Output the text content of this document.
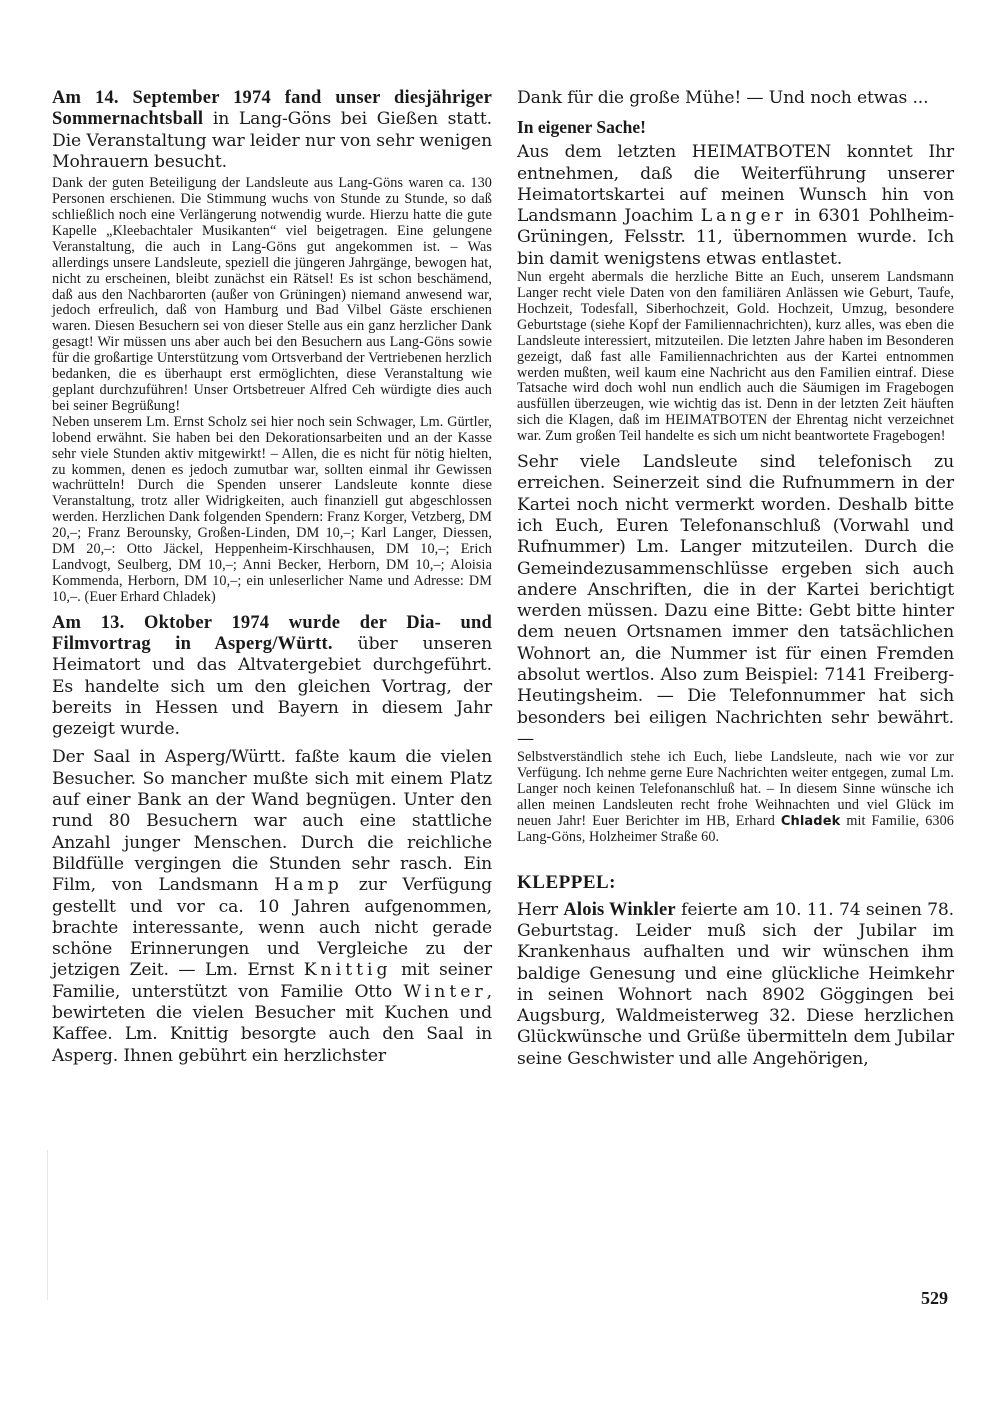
Am 14. September 1974 fand unser diesjähriger Sommernachtsball in Lang-Göns bei Gießen statt. Die Veranstaltung war leider nur von sehr wenigen Mohrauern besucht.

Dank der guten Beteiligung der Landsleute aus Lang-Göns waren ca. 130 Personen erschienen. Die Stimmung wuchs von Stunde zu Stunde, so daß schließlich noch eine Verlängerung notwendig wurde. Hierzu hatte die gute Kapelle „Kleebachtaler Musikanten“ viel beigetragen. Eine gelungene Veranstaltung, die auch in Lang-Göns gut angekommen ist. – Was allerdings unsere Landsleute, speziell die jüngeren Jahrgänge, bewogen hat, nicht zu erscheinen, bleibt zunächst ein Rätsel! Es ist schon beschämend, daß aus den Nachbarorten (außer von Grüningen) niemand anwesend war, jedoch erfreulich, daß von Hamburg und Bad Vilbel Gäste erschienen waren. Diesen Besuchern sei von dieser Stelle aus ein ganz herzlicher Dank gesagt! Wir müssen uns aber auch bei den Besuchern aus Lang-Göns sowie für die großartige Unterstützung vom Ortsverband der Vertriebenen herzlich bedanken, die es überhaupt erst ermöglichten, diese Veranstaltung wie geplant durchzuführen! Unser Ortsbetreuer Alfred Ceh würdigte dies auch bei seiner Begrüßung!

Neben unserem Lm. Ernst Scholz sei hier noch sein Schwager, Lm. Gürtler, lobend erwähnt. Sie haben bei den Dekorationsarbeiten und an der Kasse sehr viele Stunden aktiv mitgewirkt! – Allen, die es nicht für nötig hielten, zu kommen, denen es jedoch zumutbar war, sollten einmal ihr Gewissen wachrütteln! Durch die Spenden unserer Landsleute konnte diese Veranstaltung, trotz aller Widrigkeiten, auch finanziell gut abgeschlossen werden. Herzlichen Dank folgenden Spendern: Franz Korger, Vetzberg, DM 20,–; Franz Berounsky, Großen-Linden, DM 10,–; Karl Langer, Diessen, DM 20,–: Otto Jäckel, Heppenheim-Kirschhausen, DM 10,–; Erich Landvogt, Seulberg, DM 10,–; Anni Becker, Herborn, DM 10,–; Aloisia Kommenda, Herborn, DM 10,–; ein unleserlicher Name und Adresse: DM 10,–. (Euer Erhard Chladek)

Am 13. Oktober 1974 wurde der Dia- und Filmvortrag in Asperg/Württ. über unseren Heimatort und das Altvatergebiet durchgeführt. Es handelte sich um den gleichen Vortrag, der bereits in Hessen und Bayern in diesem Jahr gezeigt wurde.

Der Saal in Asperg/Württ. faßte kaum die vielen Besucher. So mancher mußte sich mit einem Platz auf einer Bank an der Wand begnügen. Unter den rund 80 Besuchern war auch eine stattliche Anzahl junger Menschen. Durch die reichliche Bildfülle vergingen die Stunden sehr rasch. Ein Film, von Landsmann Hamp zur Verfügung gestellt und vor ca. 10 Jahren aufgenommen, brachte interessante, wenn auch nicht gerade schöne Erinnerungen und Vergleiche zu der jetzigen Zeit. — Lm. Ernst Knittig mit seiner Familie, unterstützt von Familie Otto Winter, bewirteten die vielen Besucher mit Kuchen und Kaffee. Lm. Knittig besorgte auch den Saal in Asperg. Ihnen gebührt ein herzlichster

Dank für die große Mühe! — Und noch etwas ...

In eigener Sache!

Aus dem letzten HEIMATBOTEN konntet Ihr entnehmen, daß die Weiterführung unserer Heimatortskartei auf meinen Wunsch hin von Landsmann Joachim Langer in 6301 Pohlheim-Grüningen, Felsstr. 11, übernommen wurde. Ich bin damit wenigstens etwas entlastet.

Nun ergeht abermals die herzliche Bitte an Euch, unserem Landsmann Langer recht viele Daten von den familiären Anlässen wie Geburt, Taufe, Hochzeit, Todesfall, Siberhochzeit, Gold. Hochzeit, Umzug, besondere Geburtstage (siehe Kopf der Familiennachrichten), kurz alles, was eben die Landsleute interessiert, mitzuteilen. Die letzten Jahre haben im Besonderen gezeigt, daß fast alle Familiennachrichten aus der Kartei entnommen werden mußten, weil kaum eine Nachricht aus den Familien eintraf. Diese Tatsache wird doch wohl nun endlich auch die Säumigen im Fragebogen ausfüllen überzeugen, wie wichtig das ist. Denn in der letzten Zeit häuften sich die Klagen, daß im HEIMATBOTEN der Ehrentag nicht verzeichnet war. Zum großen Teil handelte es sich um nicht beantwortete Fragebogen!

Sehr viele Landsleute sind telefonisch zu erreichen. Seinerzeit sind die Rufnummern in der Kartei noch nicht vermerkt worden. Deshalb bitte ich Euch, Euren Telefonanschluß (Vorwahl und Rufnummer) Lm. Langer mitzuteilen. Durch die Gemeindezusammenschlüsse ergeben sich auch andere Anschriften, die in der Kartei berichtigt werden müssen. Dazu eine Bitte: Gebt bitte hinter dem neuen Ortsnamen immer den tatsächlichen Wohnort an, die Nummer ist für einen Fremden absolut wertlos. Also zum Beispiel: 7141 Freiberg-Heutingsheim. — Die Telefonnummer hat sich besonders bei eiligen Nachrichten sehr bewährt. —

Selbstverständlich stehe ich Euch, liebe Landsleute, nach wie vor zur Verfügung. Ich nehme gerne Eure Nachrichten weiter entgegen, zumal Lm. Langer noch keinen Telefonanschluß hat. – In diesem Sinne wünsche ich allen meinen Landsleuten recht frohe Weihnachten und viel Glück im neuen Jahr! Euer Berichter im HB, Erhard Chladek mit Familie, 6306 Lang-Göns, Holzheimer Straße 60.

KLEPPEL:

Herr Alois Winkler feierte am 10. 11. 74 seinen 78. Geburtstag. Leider muß sich der Jubilar im Krankenhaus aufhalten und wir wünschen ihm baldige Genesung und eine glückliche Heimkehr in seinen Wohnort nach 8902 Göggingen bei Augsburg, Waldmeisterweg 32. Diese herzlichen Glückwünsche und Grüße übermitteln dem Jubilar seine Geschwister und alle Angehörigen,

529
